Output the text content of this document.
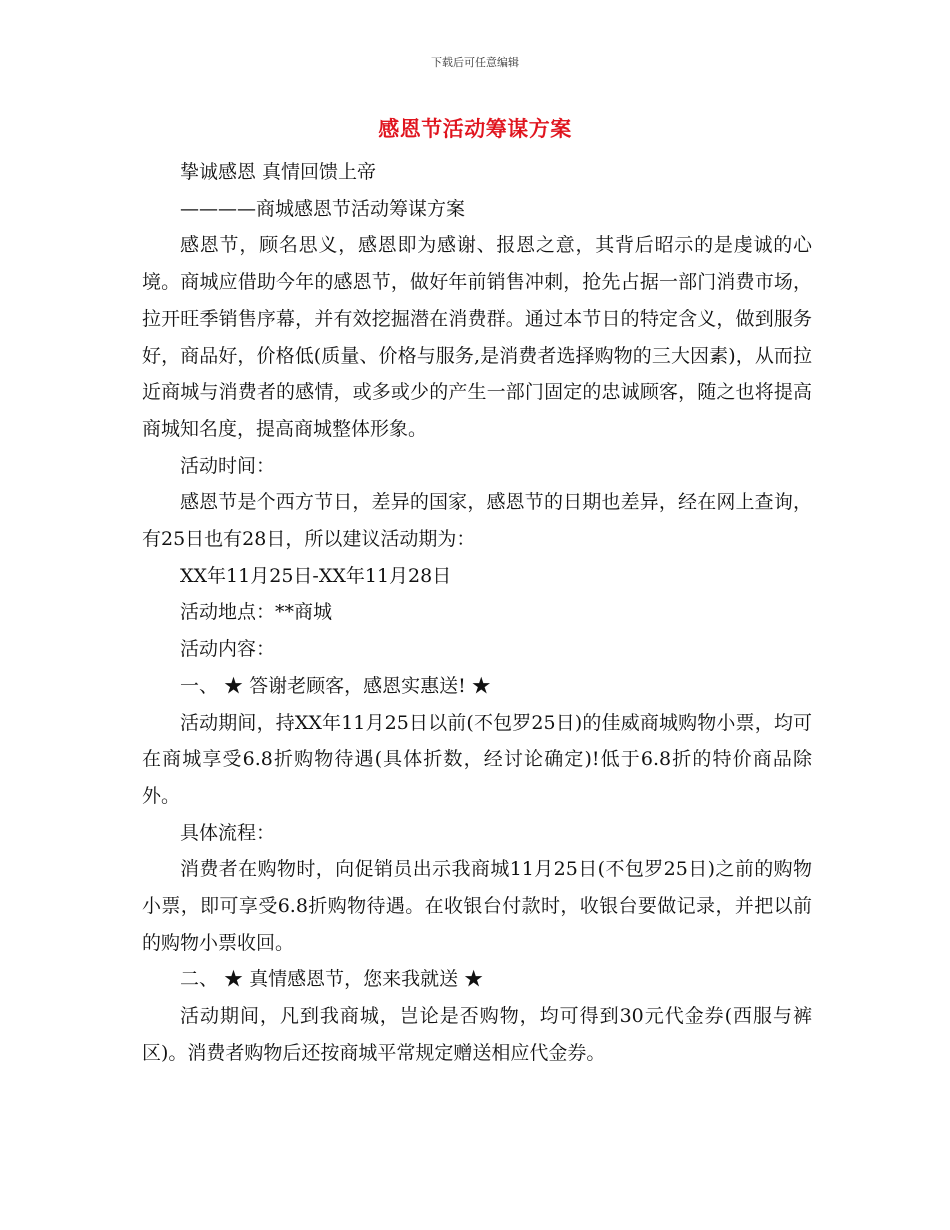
下载后可任意编辑
感恩节活动筹谋方案

挚诚感恩 真情回馈上帝

————商城感恩节活动筹谋方案

感恩节，顾名思义，感恩即为感谢、报恩之意，其背后昭示的是虔诚的心境。商城应借助今年的感恩节，做好年前销售冲刺，抢先占据一部门消费市场，拉开旺季销售序幕，并有效挖掘潜在消费群。通过本节日的特定含义，做到服务好，商品好，价格低(质量、价格与服务,是消费者选择购物的三大因素)，从而拉近商城与消费者的感情，或多或少的产生一部门固定的忠诚顾客，随之也将提高商城知名度，提高商城整体形象。

活动时间：

感恩节是个西方节日，差异的国家，感恩节的日期也差异，经在网上查询，有25日也有28日，所以建议活动期为：

XX年11月25日-XX年11月28日

活动地点：**商城

活动内容：

一、 ★ 答谢老顾客，感恩实惠送! ★

活动期间，持XX年11月25日以前(不包罗25日)的佳威商城购物小票，均可在商城享受6.8折购物待遇(具体折数，经讨论确定)!低于6.8折的特价商品除外。

具体流程：

消费者在购物时，向促销员出示我商城11月25日(不包罗25日)之前的购物小票，即可享受6.8折购物待遇。在收银台付款时，收银台要做记录，并把以前的购物小票收回。

二、 ★ 真情感恩节，您来我就送 ★

活动期间，凡到我商城，岂论是否购物，均可得到30元代金券(西服与裤区)。消费者购物后还按商城平常规定赠送相应代金券。
